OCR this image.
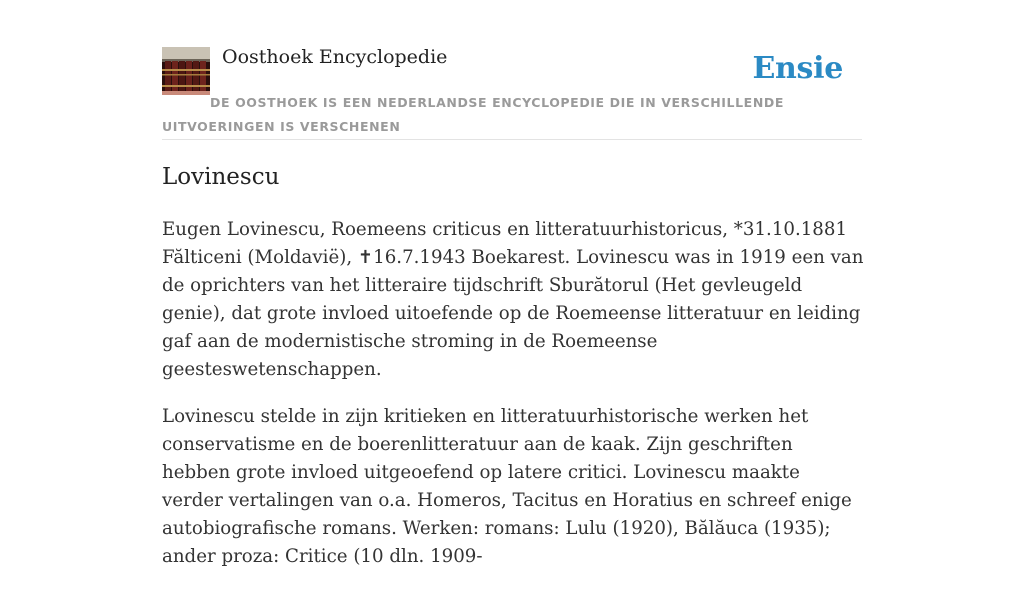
Oosthoek Encyclopedie	Ensie
DE OOSTHOEK IS EEN NEDERLANDSE ENCYCLOPEDIE DIE IN VERSCHILLENDE UITVOERINGEN IS VERSCHENEN
Lovinescu

Eugen Lovinescu, Roemeens criticus en litteratuurhistoricus, *31.10.1881 Fălticeni (Moldavië), ✝16.7.1943 Boekarest. Lovinescu was in 1919 een van de oprichters van het litteraire tijdschrift Sburătorul (Het gevleugeld genie), dat grote invloed uitoefende op de Roemeense litteratuur en leiding gaf aan de modernistische stroming in de Roemeense geesteswetenschappen.

Lovinescu stelde in zijn kritieken en litteratuurhistorische werken het conservatisme en de boerenlitteratuur aan de kaak. Zijn geschriften hebben grote invloed uitgeoefend op latere critici. Lovinescu maakte verder vertalingen van o.a. Homeros, Tacitus en Horatius en schreef enige autobiografische romans. Werken: romans: Lulu (1920), Bălăuca (1935); ander proza: Critice (10 dln. 1909-
